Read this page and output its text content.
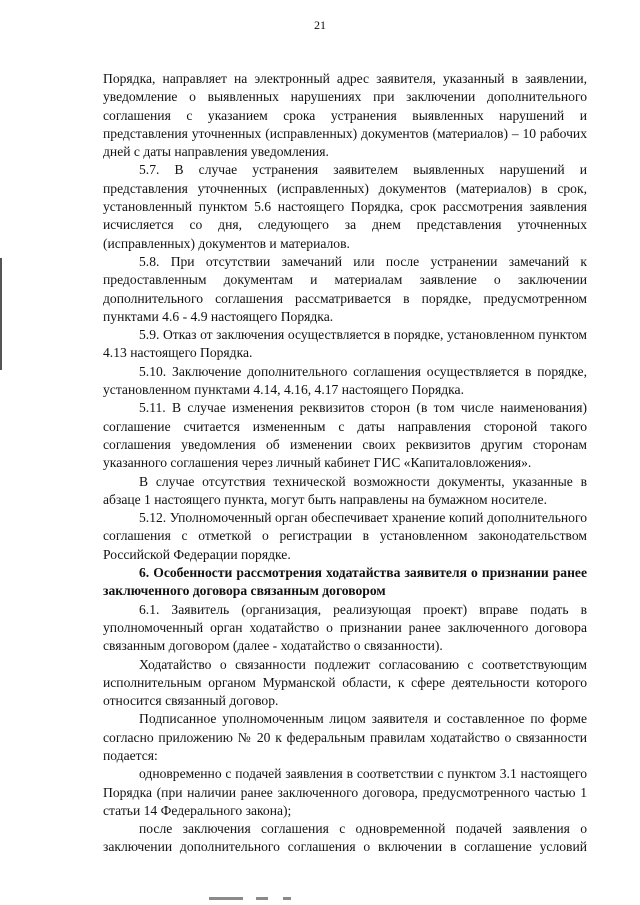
21

Порядка, направляет на электронный адрес заявителя, указанный в заявлении, уведомление о выявленных нарушениях при заключении дополнительного соглашения с указанием срока устранения выявленных нарушений и представления уточненных (исправленных) документов (материалов) – 10 рабочих дней с даты направления уведомления.

5.7. В случае устранения заявителем выявленных нарушений и представления уточненных (исправленных) документов (материалов) в срок, установленный пунктом 5.6 настоящего Порядка, срок рассмотрения заявления исчисляется со дня, следующего за днем представления уточненных (исправленных) документов и материалов.

5.8. При отсутствии замечаний или после устранении замечаний к предоставленным документам и материалам заявление о заключении дополнительного соглашения рассматривается в порядке, предусмотренном пунктами 4.6 - 4.9 настоящего Порядка.

5.9. Отказ от заключения осуществляется в порядке, установленном пунктом 4.13 настоящего Порядка.

5.10. Заключение дополнительного соглашения осуществляется в порядке, установленном пунктами 4.14, 4.16, 4.17 настоящего Порядка.

5.11. В случае изменения реквизитов сторон (в том числе наименования) соглашение считается измененным с даты направления стороной такого соглашения уведомления об изменении своих реквизитов другим сторонам указанного соглашения через личный кабинет ГИС «Капиталовложения».

В случае отсутствия технической возможности документы, указанные в абзаце 1 настоящего пункта, могут быть направлены на бумажном носителе.

5.12. Уполномоченный орган обеспечивает хранение копий дополнительного соглашения с отметкой о регистрации в установленном законодательством Российской Федерации порядке.

6. Особенности рассмотрения ходатайства заявителя о признании ранее заключенного договора связанным договором

6.1. Заявитель (организация, реализующая проект) вправе подать в уполномоченный орган ходатайство о признании ранее заключенного договора связанным договором (далее - ходатайство о связанности).

Ходатайство о связанности подлежит согласованию с соответствующим исполнительным органом Мурманской области, к сфере деятельности которого относится связанный договор.

Подписанное уполномоченным лицом заявителя и составленное по форме согласно приложению № 20 к федеральным правилам ходатайство о связанности подается:

одновременно с подачей заявления в соответствии с пунктом 3.1 настоящего Порядка (при наличии ранее заключенного договора, предусмотренного частью 1 статьи 14 Федерального закона);

после заключения соглашения с одновременной подачей заявления о заключении дополнительного соглашения о включении в соглашение условий
